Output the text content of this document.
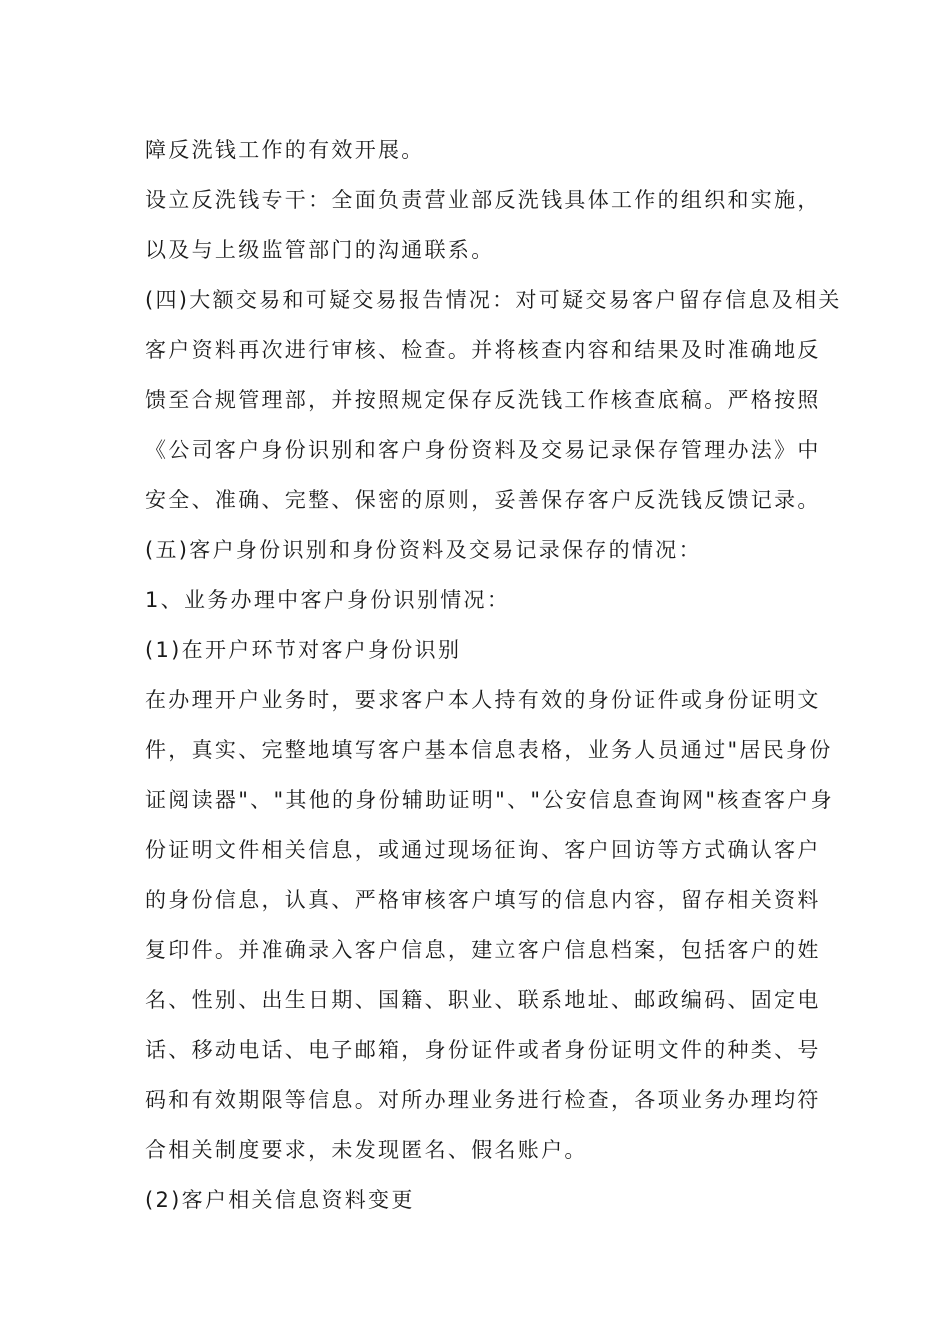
障反洗钱工作的有效开展。

设立反洗钱专干：全面负责营业部反洗钱具体工作的组织和实施，

以及与上级监管部门的沟通联系。

(四)大额交易和可疑交易报告情况：对可疑交易客户留存信息及相关

客户资料再次进行审核、检查。并将核查内容和结果及时准确地反

馈至合规管理部，并按照规定保存反洗钱工作核查底稿。严格按照

《公司客户身份识别和客户身份资料及交易记录保存管理办法》中

安全、准确、完整、保密的原则，妥善保存客户反洗钱反馈记录。

(五)客户身份识别和身份资料及交易记录保存的情况：

1、业务办理中客户身份识别情况：

(1)在开户环节对客户身份识别

在办理开户业务时，要求客户本人持有效的身份证件或身份证明文

件，真实、完整地填写客户基本信息表格，业务人员通过"居民身份

证阅读器"、"其他的身份辅助证明"、"公安信息查询网"核查客户身

份证明文件相关信息，或通过现场征询、客户回访等方式确认客户

的身份信息，认真、严格审核客户填写的信息内容，留存相关资料

复印件。并准确录入客户信息，建立客户信息档案，包括客户的姓

名、性别、出生日期、国籍、职业、联系地址、邮政编码、固定电

话、移动电话、电子邮箱，身份证件或者身份证明文件的种类、号

码和有效期限等信息。对所办理业务进行检查，各项业务办理均符

合相关制度要求，未发现匿名、假名账户。

(2)客户相关信息资料变更
